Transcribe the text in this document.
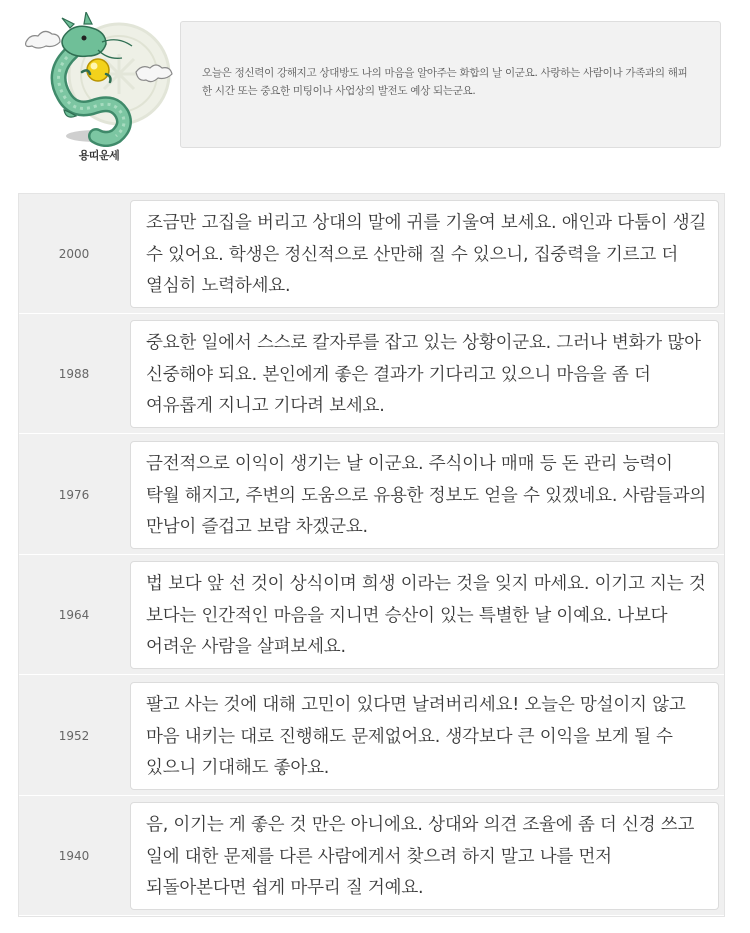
용띠운세

오늘은 정신력이 강해지고 상대방도 나의 마음을 알아주는 화합의 날 이군요. 사랑하는 사람이나 가족과의 해피한 시간 또는 중요한 미팅이나 사업상의 발전도 예상 되는군요.

2000

조금만 고집을 버리고 상대의 말에 귀를 기울여 보세요. 애인과 다툼이 생길 수 있어요. 학생은 정신적으로 산만해 질 수 있으니, 집중력을 기르고 더 열심히 노력하세요.

1988

중요한 일에서 스스로 칼자루를 잡고 있는 상황이군요. 그러나 변화가 많아 신중해야 되요. 본인에게 좋은 결과가 기다리고 있으니 마음을 좀 더 여유롭게 지니고 기다려 보세요.

1976

금전적으로 이익이 생기는 날 이군요. 주식이나 매매 등 돈 관리 능력이 탁월 해지고, 주변의 도움으로 유용한 정보도 얻을 수 있겠네요. 사람들과의 만남이 즐겁고 보람 차겠군요.

1964

법 보다 앞 선 것이 상식이며 희생 이라는 것을 잊지 마세요. 이기고 지는 것 보다는 인간적인 마음을 지니면 승산이 있는 특별한 날 이예요. 나보다 어려운 사람을 살펴보세요.

1952

팔고 사는 것에 대해 고민이 있다면 날려버리세요! 오늘은 망설이지 않고 마음 내키는 대로 진행해도 문제없어요. 생각보다 큰 이익을 보게 될 수 있으니 기대해도 좋아요.

1940

음, 이기는 게 좋은 것 만은 아니에요. 상대와 의견 조율에 좀 더 신경 쓰고 일에 대한 문제를 다른 사람에게서 찾으려 하지 말고 나를 먼저 되돌아본다면 쉽게 마무리 질 거예요.
